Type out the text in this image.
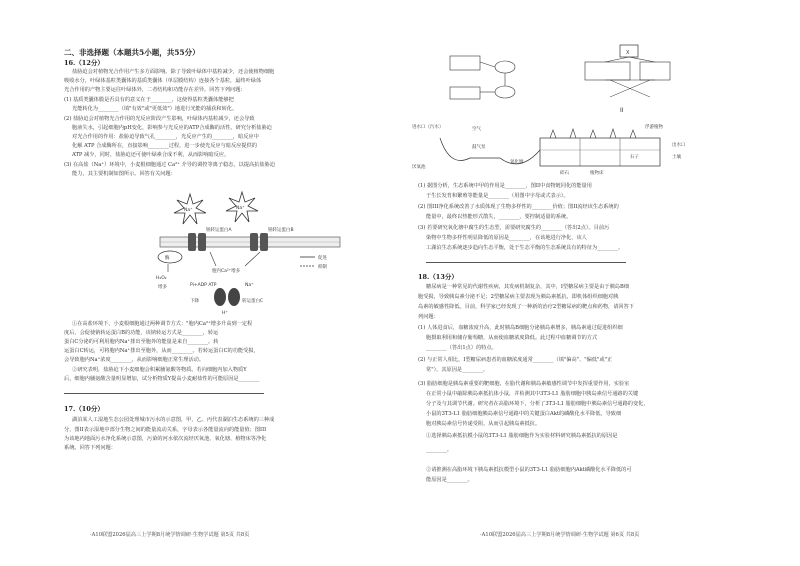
二、非选择题（本题共5小题，共55分）
16.（12分）
盐胁迫会对植物光合作用产生多方面影响。除了导致叶绿体中基粒减少，还会使植物细胞
吸收水分，叶绿体基粒类囊体的基质类囊体（单层膜结构）连接各个基粒，最终叶绿体
光合作用的产物主要运往叶绿体外，二者结构和功能存在差异。回答下列问题：
(1) 基质类囊体膜是否具有的意义在于________，这使得基粒类囊体能够把
光能转化为________（填"有效"或"更低效"）地进行光能的捕获和转化。
(2) 盐胁迫会对植物光合作用的光反应阶段产生影响，叶绿体内基粒减少，还会导致
胞液失水，引起细胞内pH变化，影响参与光反应的ATP合成酶的活性。研究分析盐胁迫
对光合作用的作用：盐胁迫导致气孔________，光反应产生的________，暗反应中
化解 ATP 合成酶所在，直接影响________过程，进一步使光反应与暗反应提供的
ATP 减少，同时，盐胁迫还可使叶绿素合成不利，从而影响暗反应。
(3) 在高盐（Na⁺）环境中，小麦根细胞通过 Ca²⁺ 介导的调控等离子稳态，以提高抗盐胁迫
能力，其主要机制如图所示。回答有关问题：
Na⁺	Na⁺
钠转运蛋白A	钠转运蛋白B
酶
H₂O₂
增多
促进
抑制
胞内Ca²⁺增多
Pi+ADP ATP	Na⁺
下降	转运蛋白C
H⁺
①在高盐环境下，小麦根细胞通过两种调节方式："胞内Ca²⁺增多升高到一定程
度后，会促使钠转运蛋白B的功能，该钠转运方式是________，转运
蛋白C分泌的可利用胞内Na⁺排出至胞外的能量是来自________。转
运蛋白C转运，可将胞内Na⁺排出至胞外，从而________。若转运蛋白C的功能受损，
会导致胞内Na⁺浓度________，从而影响细胞正常生理活动。
②研究表明，盐胁迫下小麦细胞会积累脯氨酸等物质。若向细胞内加入物质Y
后，细胞内脯氨酸含量明显增加，试分析物质Y提高小麦耐盐性的可能原因是________
17.（10分）
湖泊某人工湿地生态公园处理城市污水的示意图，甲、乙、丙代表湖泊生态系统的三种成
分，图II表示湿地中部分生物之间的能量流动关系，字母表示各能量流向的能量值；图III
为该地内地面污水净化系统示意图，污染的河水依次流经厌氧池、氧化塘、植物床等净化
系统。回答下列问题：
·A10联盟2026届高三上学期8月统学情调研·生物学试题 第5页 共8页
X
II
进水口（污水）
厌氧池
空气
鼓气泵
氧化塘
浮游植物
出水口
土壤
石子
植物床
碎石
(1) 据图分析，生态系统中甲的作用是________，图II中食物链同化的能量用
于生长发育和繁殖等能量是________（用图中字母或式表示）。
(2) 图III净化系统改善了水质体现了生物多样性的________价值；图II流经该生态系统的
能量中，最终以热能形式散失，________，要控制适量的系统。
(3) 若要研究氧化塘中腐生的生态型，需要研究腐生的________（答出2点）。目前污
染物中生物多样性明显降低的原因是________，在该地进行净化，该人
工湖泊生态系统逐步趋向生态平衡，处于生态平衡的生态系统具有的特征为________。
18.（13分）
糖尿病是一种常见的代谢性疾病，其发病机制复杂，其中，I型糖尿病主要是由于胰岛B细
胞受损，导致胰岛素分泌不足；2型糖尿病主要表现为胰岛素抵抗，即机体组织细胞对胰
岛素的敏感性降低。目前，科学家已经发现了一种新的治疗2型糖尿病的靶点和药物，请回答下
列问题：
(1) 人体进食后，血糖浓度升高，此时胰岛B细胞分泌胰岛素增多，胰岛素通过促进组织细
胞摄取利用和储存葡萄糖，从而使血糖浓度降低。此过程中血糖调节的方式
________（答出1点）的特点。
(2) 与正常人相比，I型糖尿病患者的血糖浓度通常________（填"偏高"、"偏低"或"正
常"），其原因是________。
(3) 脂肪细胞是胰岛素重要的靶细胞，在脂代谢和胰岛素敏感性调节中发挥重要作用，实验室
在正常小鼠中敲除胰岛素抵抗体小鼠，并检测其中3T3-L1 脂肪细胞中胰岛素信号通路的关键
分子及与其调节代谢。研究者在高脂环境下，分析了3T3-L1 脂肪细胞中胰岛素信号通路的变化，
小鼠的3T3-L1 脂肪细胞胰岛素信号通路中的关键蛋白Akt的磷酸化水平降低，导致细
胞对胰岛素信号传递受阻，从而引起胰岛素抵抗。
①选择胰岛素抵抗模小鼠的3T3-L1 脂肪细胞作为实验材料研究胰岛素抵抗的原因是
________。
②请推测在高脂环境下胰岛素抵抗模型小鼠的3T3-L1 脂肪细胞内Akt磷酸化水平降低的可
能原因是________。
·A10联盟2026届高三上学期8月统学情调研·生物学试题 第6页 共8页
